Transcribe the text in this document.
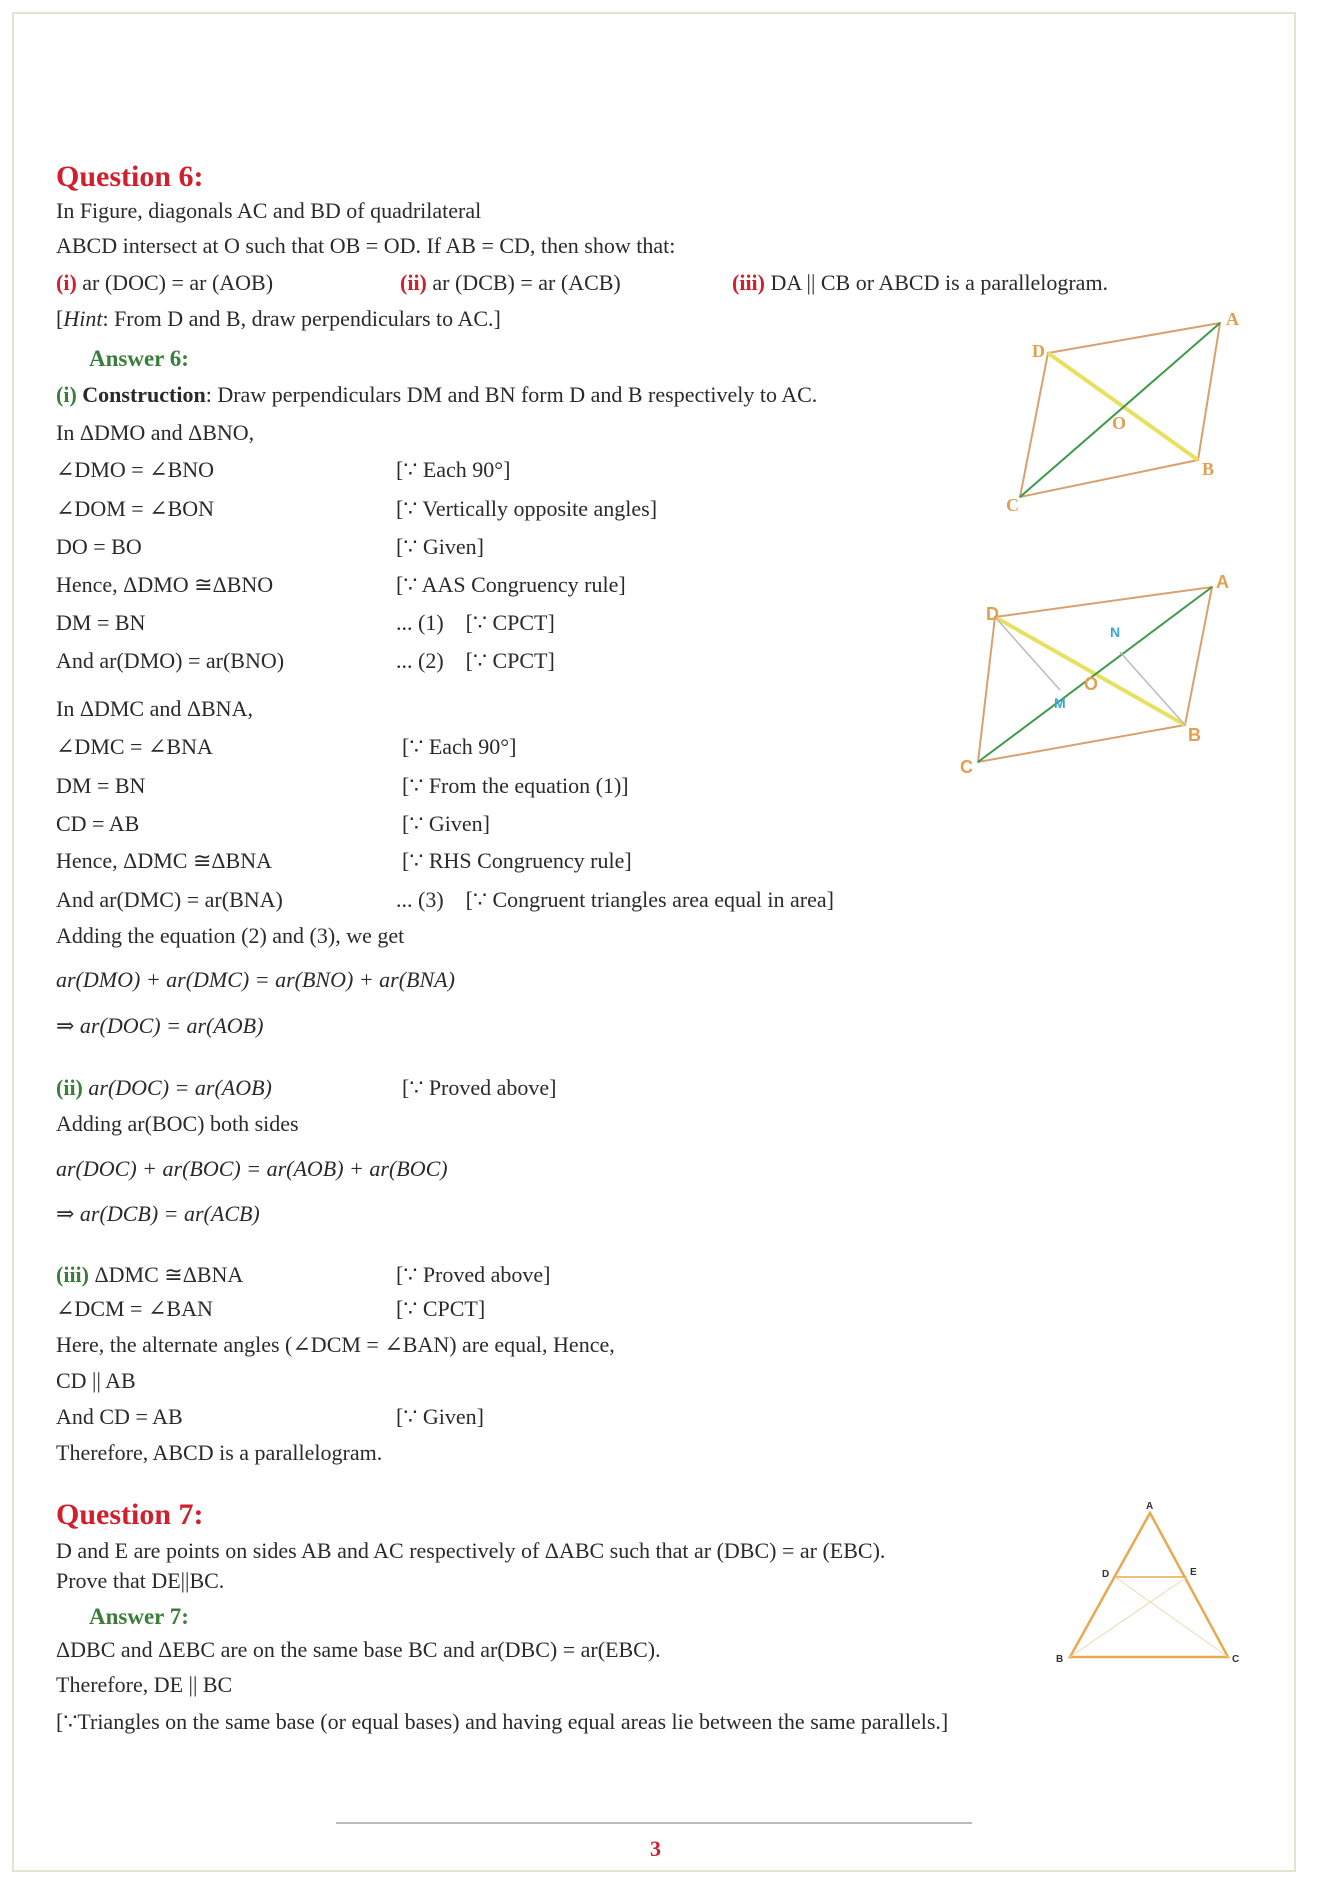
Question 6:
In Figure, diagonals AC and BD of quadrilateral
ABCD intersect at O such that OB = OD. If AB = CD, then show that:
(i) ar (DOC) = ar (AOB)	(ii) ar (DCB) = ar (ACB)	(iii) DA || CB or ABCD is a parallelogram.
[Hint: From D and B, draw perpendiculars to AC.]
Answer 6:
(i) Construction: Draw perpendiculars DM and BN form D and B respectively to AC.
In ΔDMO and ΔBNO,
∠DMO = ∠BNO	[∵ Each 90°]
∠DOM = ∠BON	[∵ Vertically opposite angles]
DO = BO	[∵ Given]
Hence, ΔDMO ≅ΔBNO	[∵ AAS Congruency rule]
DM = BN	... (1)    [∵ CPCT]
And ar(DMO) = ar(BNO)	... (2)    [∵ CPCT]
In ΔDMC and ΔBNA,
∠DMC = ∠BNA	[∵ Each 90°]
DM = BN	[∵ From the equation (1)]
CD = AB	[∵ Given]
Hence, ΔDMC ≅ΔBNA	[∵ RHS Congruency rule]
And ar(DMC) = ar(BNA)	... (3)    [∵ Congruent triangles area equal in area]
Adding the equation (2) and (3), we get
ar(DMO) + ar(DMC) = ar(BNO) + ar(BNA)
⇒ ar(DOC) = ar(AOB)
(ii) ar(DOC) = ar(AOB)	[∵ Proved above]
Adding ar(BOC) both sides
ar(DOC) + ar(BOC) = ar(AOB) + ar(BOC)
⇒ ar(DCB) = ar(ACB)
(iii) ΔDMC ≅ΔBNA	[∵ Proved above]
∠DCM = ∠BAN	[∵ CPCT]
Here, the alternate angles (∠DCM = ∠BAN) are equal, Hence,
CD || AB
And CD = AB	[∵ Given]
Therefore, ABCD is a parallelogram.
Question 7:
D and E are points on sides AB and AC respectively of ΔABC such that ar (DBC) = ar (EBC).
Prove that DE||BC.
Answer 7:
ΔDBC and ΔEBC are on the same base BC and ar(DBC) = ar(EBC).
Therefore, DE || BC
[∵Triangles on the same base (or equal bases) and having equal areas lie between the same parallels.]
A
B
C
D
O
A
B
C
D
O
M
N
A
B	C
D	E
3
